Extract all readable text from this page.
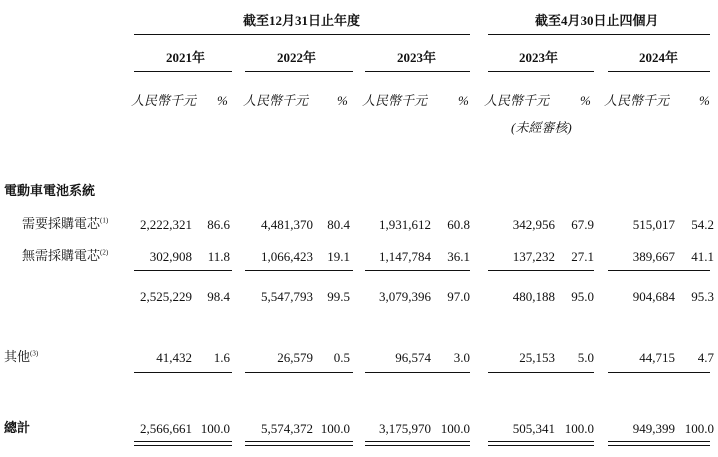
截至12月31日止年度	截至4月30日止四個月
2021年	2022年	2023年	2023年	2024年
人民幣千元 % 人民幣千元 % 人民幣千元 % 人民幣千元 % 人民幣千元 %
(未經審核)
電動車電池系統
需要採購電芯$^{(1)}$ 2,222,321 86.6 4,481,370 80.4 1,931,612 60.8	342,956 67.9	515,017 54.2
無需採購電芯$^{(2)}$	302,908 11.8 1,066,423 19.1 1,147,784 36.1	137,232 27.1	389,667 41.1
2,525,229 98.4 5,547,793 99.5 3,079,396 97.0	480,188 95.0	904,684 95.3
其他$^{(3)}$	41,432 1.6	26,579 0.5	96,574 3.0	25,153 5.0	44,715 4.7
總計	2,566,661 100.0 5,574,372 100.0 3,175,970 100.0	505,341 100.0	949,399 100.0
